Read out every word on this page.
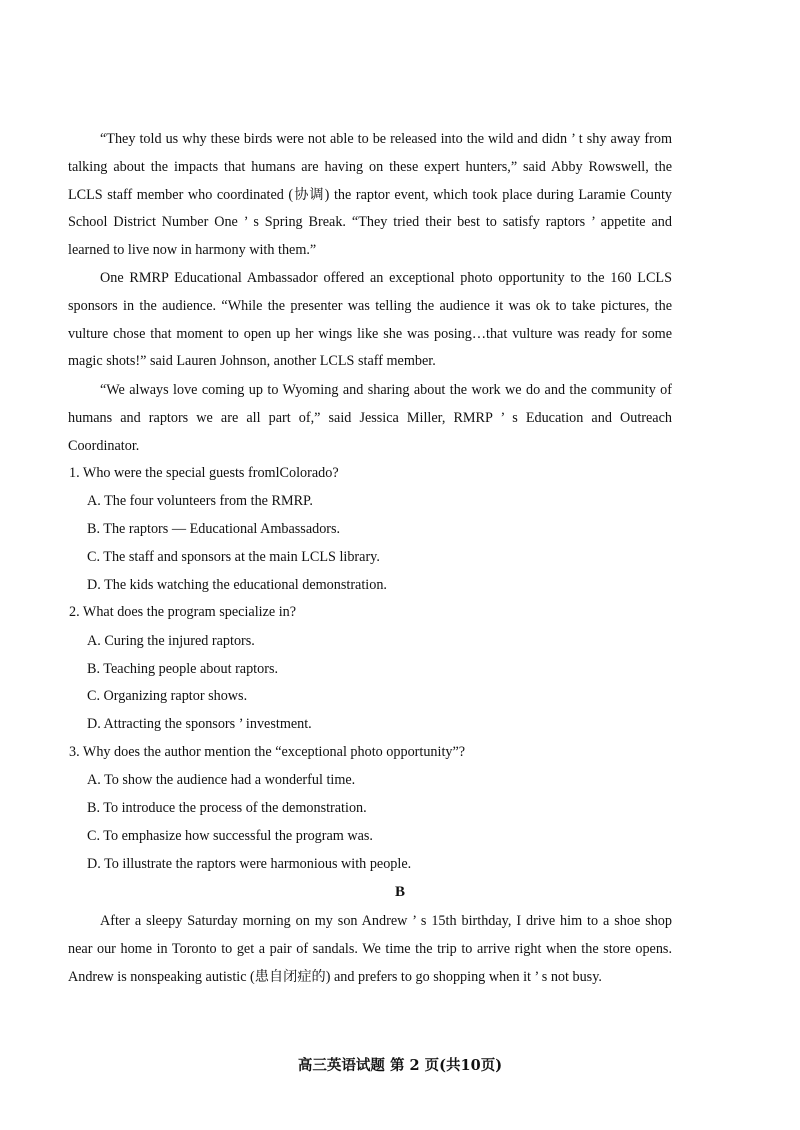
“They told us why these birds were not able to be released into the wild and didn ’ t shy away from talking about the impacts that humans are having on these expert hunters,” said Abby Rowswell, the LCLS staff member who coordinated (协调) the raptor event, which took place during Laramie County School District Number One ’ s Spring Break. “They tried their best to satisfy raptors ’ appetite and learned to live now in harmony with them.”

One RMRP Educational Ambassador offered an exceptional photo opportunity to the 160 LCLS sponsors in the audience. “While the presenter was telling the audience it was ok to take pictures, the vulture chose that moment to open up her wings like she was posing…that vulture was ready for some magic shots!” said Lauren Johnson, another LCLS staff member.

“We always love coming up to Wyoming and sharing about the work we do and the community of humans and raptors we are all part of,” said Jessica Miller, RMRP ’ s Education and Outreach Coordinator.

1. Who were the special guests fromlColorado?

A. The four volunteers from the RMRP.

B. The raptors — Educational Ambassadors.

C. The staff and sponsors at the main LCLS library.

D. The kids watching the educational demonstration.

2. What does the program specialize in?

A. Curing the injured raptors.

B. Teaching people about raptors.

C. Organizing raptor shows.

D. Attracting the sponsors ’ investment.

3. Why does the author mention the “exceptional photo opportunity”?

A. To show the audience had a wonderful time.

B. To introduce the process of the demonstration.

C. To emphasize how successful the program was.

D. To illustrate the raptors were harmonious with people.

B

After a sleepy Saturday morning on my son Andrew ’ s 15th birthday, I drive him to a shoe shop near our home in Toronto to get a pair of sandals. We time the trip to arrive right when the store opens. Andrew is nonspeaking autistic (患自闭症的) and prefers to go shopping when it ’ s not busy.

高三英语试题 第 2 页(共10页)
